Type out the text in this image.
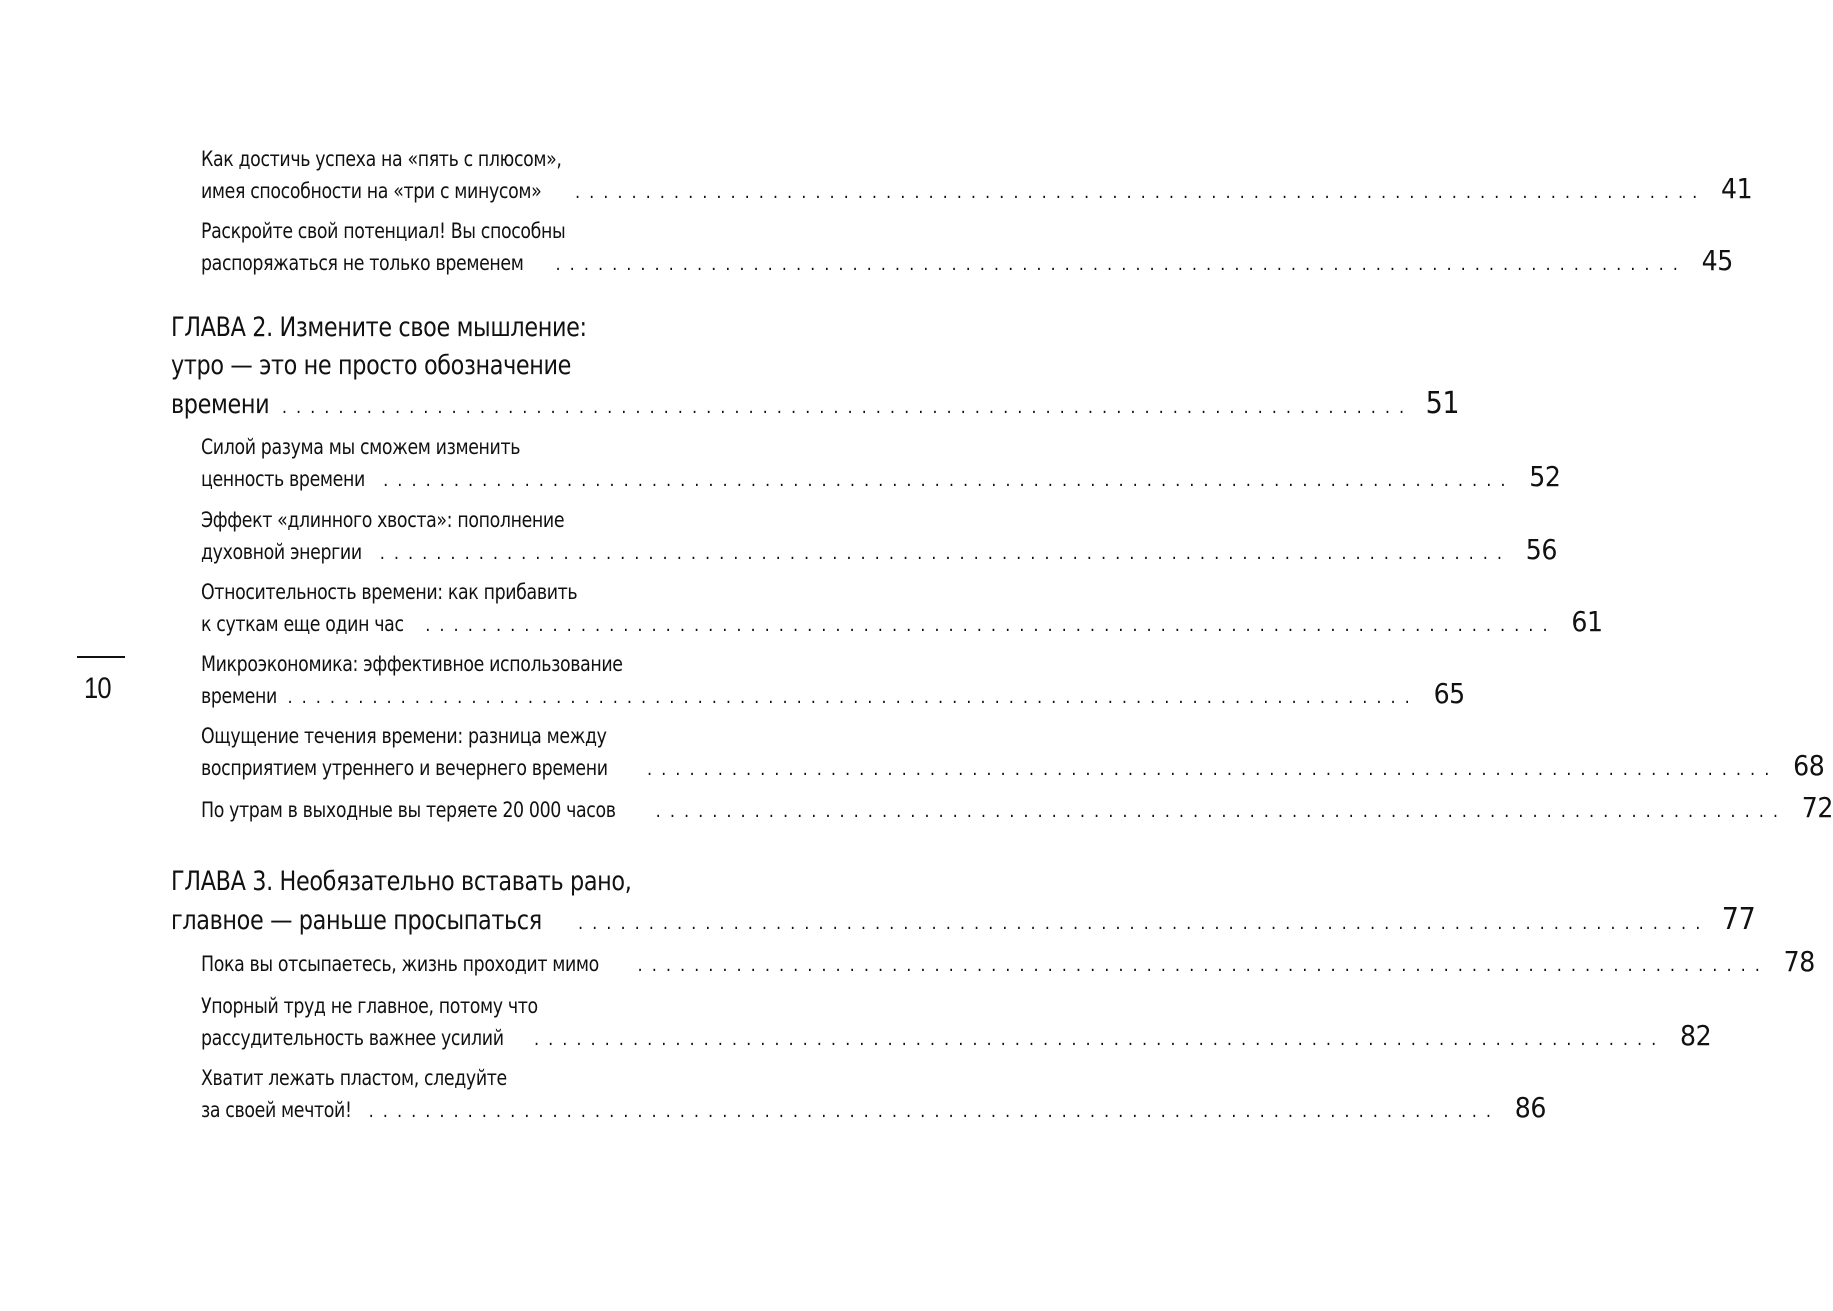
Как достичь успеха на «пять с плюсом»,
имея способности на «три с минусом» ................................................................................ 41
Раскройте свой потенциал! Вы способны
распоряжаться не только временем ................................................................................ 45
ГЛАВА 2. Измените свое мышление:
утро — это не просто обозначение
времени ................................................................................ 51
Силой разума мы сможем изменить
ценность времени ................................................................................ 52
Эффект «длинного хвоста»: пополнение
духовной энергии ................................................................................ 56
Относительность времени: как прибавить
к суткам еще один час ................................................................................ 61
Микроэкономика: эффективное использование
времени ................................................................................ 65
Ощущение течения времени: разница между
восприятием утреннего и вечернего времени ................................................................................ 68
По утрам в выходные вы теряете 20 000 часов ................................................................................ 72
ГЛАВА 3. Необязательно вставать рано,
главное — раньше просыпаться ................................................................................ 77
Пока вы отсыпаетесь, жизнь проходит мимо ................................................................................ 78
Упорный труд не главное, потому что
рассудительность важнее усилий ................................................................................ 82
Хватит лежать пластом, следуйте
за своей мечтой! ................................................................................ 86
10
